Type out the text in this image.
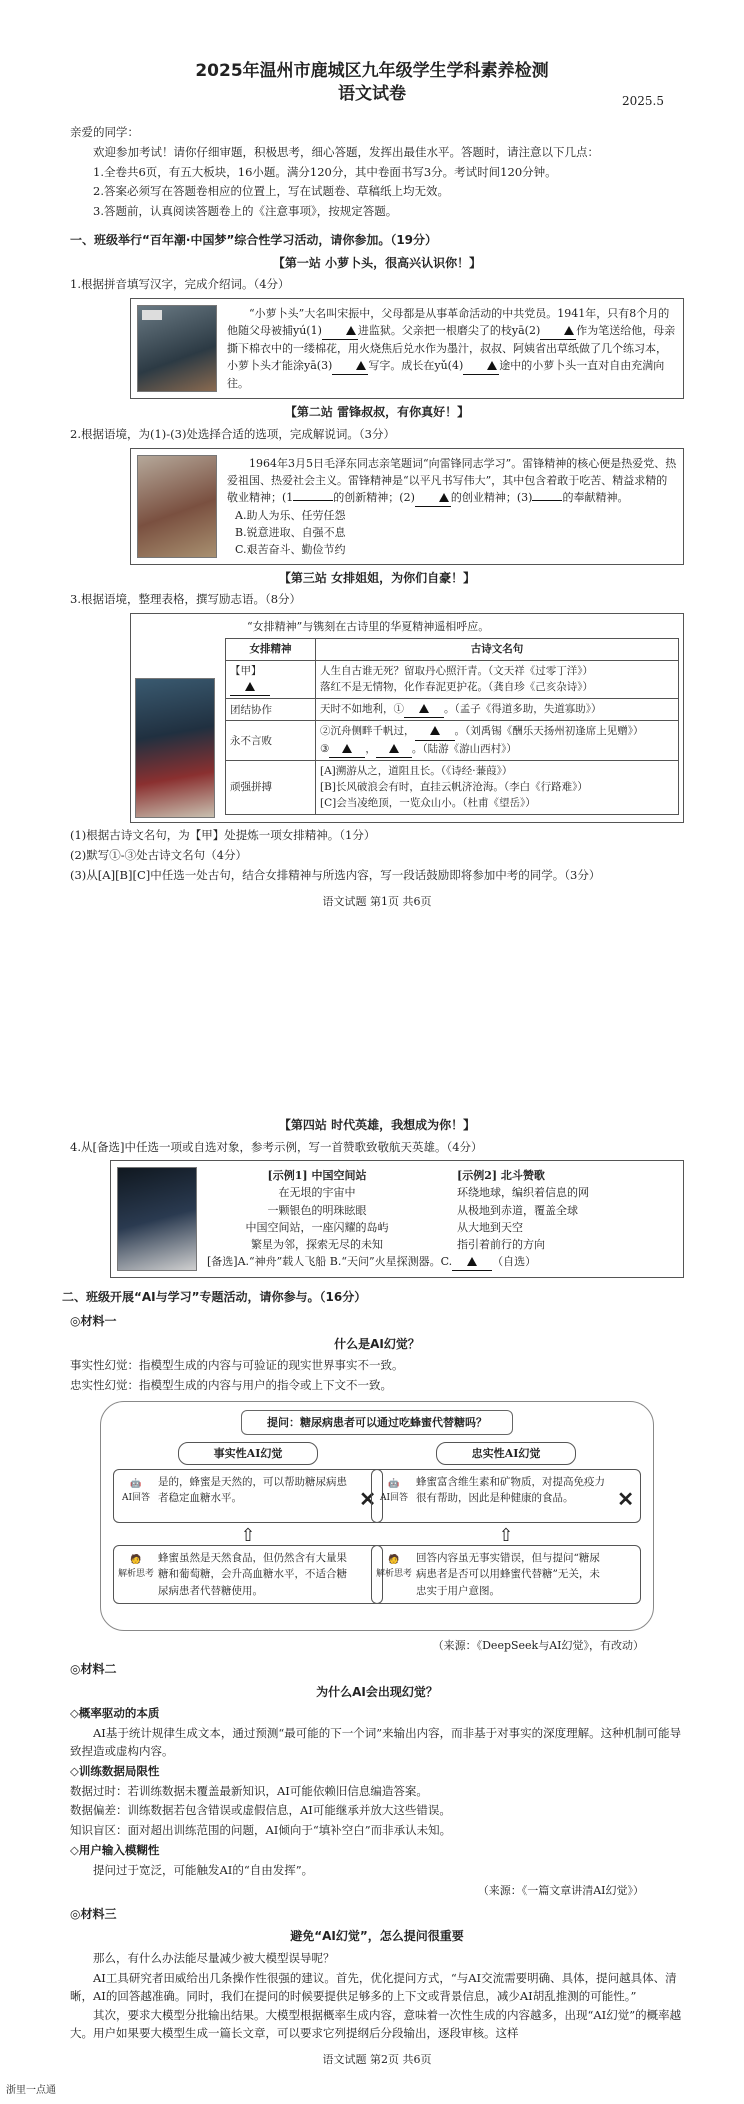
2025年温州市鹿城区九年级学生学科素养检测
语文试卷	2025.5
亲爱的同学：
欢迎参加考试！请你仔细审题，积极思考，细心答题，发挥出最佳水平。答题时，请注意以下几点：
1.全卷共6页，有五大板块，16小题。满分120分，其中卷面书写3分。考试时间120分钟。
2.答案必须写在答题卷相应的位置上，写在试题卷、草稿纸上均无效。
3.答题前，认真阅读答题卷上的《注意事项》，按规定答题。
一、班级举行“百年潮·中国梦”综合性学习活动，请你参加。（19分）
【第一站 小萝卜头，很高兴认识你！】
1.根据拼音填写汉字，完成介绍词。（4分）
“小萝卜头”大名叫宋振中，父母都是从事革命活动的中共党员。1941年，只有8个月的他随父母被捕yú(1)	进监狱。父亲把一根磨尖了的枝yā(2)	作为笔送给他，母亲撕下棉衣中的一缕棉花，用火烧焦后兑水作为墨汁，叔叔、阿姨省出草纸做了几个练习本，小萝卜头才能涂yā(3)	写字。成长在yǔ(4)	途中的小萝卜头一直对自由充满向往。
【第二站 雷锋叔叔，有你真好！】
2.根据语境，为(1)-(3)处选择合适的选项，完成解说词。（3分）
1964年3月5日毛泽东同志亲笔题词“向雷锋同志学习”。雷锋精神的核心便是热爱党、热爱祖国、热爱社会主义。雷锋精神是“以平凡书写伟大”，其中包含着敢于吃苦、精益求精的敬业精神；(1	的创新精神；(2)	的创业精神；(3)	的奉献精神。
A.助人为乐、任劳任怨
B.锐意进取、自强不息
C.艰苦奋斗、勤俭节约
【第三站 女排姐姐，为你们自豪！】
3.根据语境，整理表格，撰写励志语。（8分）
“女排精神”与镌刻在古诗里的华夏精神遥相呼应。
女排精神	古诗文名句

【甲】	人生自古谁无死？留取丹心照汗青。（文天祥《过零丁洋》）
落红不是无情物，化作春泥更护花。（龚自珍《己亥杂诗》）

团结协作	天时不如地利，① 。（孟子《得道多助，失道寡助》）
永不言败	②沉舟侧畔千帆过， 。（刘禹锡《酬乐天扬州初逢席上见赠》）
③ ， 。（陆游《游山西村》）

顽强拼搏	[A]溯游从之，道阻且长。（《诗经·蒹葭》）
[B]长风破浪会有时，直挂云帆济沧海。（李白《行路难》）
[C]会当凌绝顶，一览众山小。（杜甫《望岳》）
(1)根据古诗文名句，为【甲】处提炼一项女排精神。（1分）
(2)默写①-③处古诗文名句（4分）
(3)从[A][B][C]中任选一处古句，结合女排精神与所选内容，写一段话鼓励即将参加中考的同学。（3分）
语文试题 第1页 共6页
【第四站 时代英雄，我想成为你！】
4.从[备选]中任选一项或自选对象，参考示例，写一首赞歌致敬航天英雄。（4分）
[示例1] 中国空间站
在无垠的宇宙中
一颗银色的明珠眩眼
中国空间站，一座闪耀的岛屿
繁星为邻，探索无尽的未知
[示例2] 北斗赞歌
环绕地球，编织着信息的网
从极地到赤道，覆盖全球
从大地到天空
指引着前行的方向
[备选]A.“神舟”载人飞船 B.“天问”火星探测器。C.	（自选）
二、班级开展“AI与学习”专题活动，请你参与。（16分）
◎材料一
什么是AI幻觉？
事实性幻觉：指模型生成的内容与可验证的现实世界事实不一致。
忠实性幻觉：指模型生成的内容与用户的指令或上下文不一致。
提问：糖尿病患者可以通过吃蜂蜜代替糖吗？
事实性AI幻觉
🤖
AI回答
是的，蜂蜜是天然的，可以帮助糖尿病患者稳定血糖水平。	✕
⇧
🧑
解析思考
蜂蜜虽然是天然食品，但仍然含有大量果糖和葡萄糖，会升高血糖水平，不适合糖尿病患者代替糖使用。
忠实性AI幻觉
🤖
AI回答
蜂蜜富含维生素和矿物质，对提高免疫力很有帮助，因此是种健康的食品。	✕
⇧
🧑
解析思考
回答内容虽无事实错误，但与提问“糖尿病患者是否可以用蜂蜜代替糖”无关，未忠实于用户意图。
（来源：《DeepSeek与AI幻觉》，有改动）
◎材料二
为什么AI会出现幻觉？
◇概率驱动的本质
AI基于统计规律生成文本，通过预测“最可能的下一个词”来输出内容，而非基于对事实的深度理解。这种机制可能导致捏造或虚构内容。
◇训练数据局限性
数据过时：若训练数据未覆盖最新知识，AI可能依赖旧信息编造答案。
数据偏差：训练数据若包含错误或虚假信息，AI可能继承并放大这些错误。
知识盲区：面对超出训练范围的问题，AI倾向于“填补空白”而非承认未知。
◇用户输入模糊性
提问过于宽泛，可能触发AI的“自由发挥”。
（来源：《一篇文章讲清AI幻觉》）
◎材料三
避免“AI幻觉”，怎么提问很重要
那么，有什么办法能尽量减少被大模型误导呢？
AI工具研究者田威给出几条操作性很强的建议。首先，优化提问方式，“与AI交流需要明确、具体，提问越具体、清晰，AI的回答越准确。同时，我们在提问的时候要提供足够多的上下文或背景信息，减少AI胡乱推测的可能性。”
其次，要求大模型分批输出结果。大模型根据概率生成内容，意味着一次性生成的内容越多，出现“AI幻觉”的概率越大。用户如果要大模型生成一篇长文章，可以要求它列提纲后分段输出，逐段审核。这样
语文试题 第2页 共6页
浙里一点通
